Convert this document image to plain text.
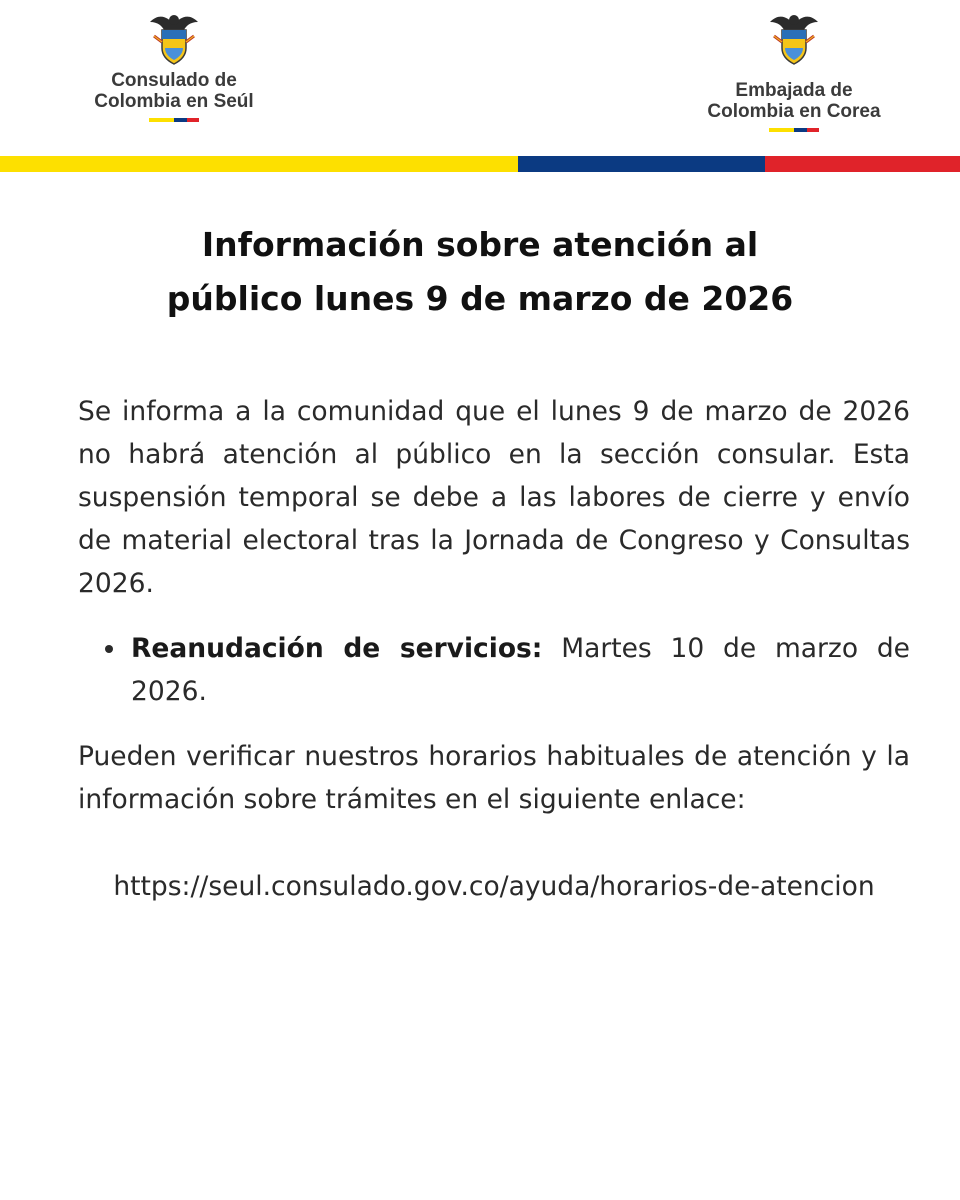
Consulado de
Colombia en Seúl
Embajada de
Colombia en Corea
Información sobre atención al
público lunes 9 de marzo de 2026

Se informa a la comunidad que el lunes 9 de marzo de 2026 no habrá atención al público en la sección consular. Esta suspensión temporal se debe a las labores de cierre y envío de material electoral tras la Jornada de Congreso y Consultas 2026.

Reanudación de servicios: Martes 10 de marzo de 2026.

Pueden verificar nuestros horarios habituales de atención y la información sobre trámites en el siguiente enlace:

https://seul.consulado.gov.co/ayuda/horarios-de-atencion
